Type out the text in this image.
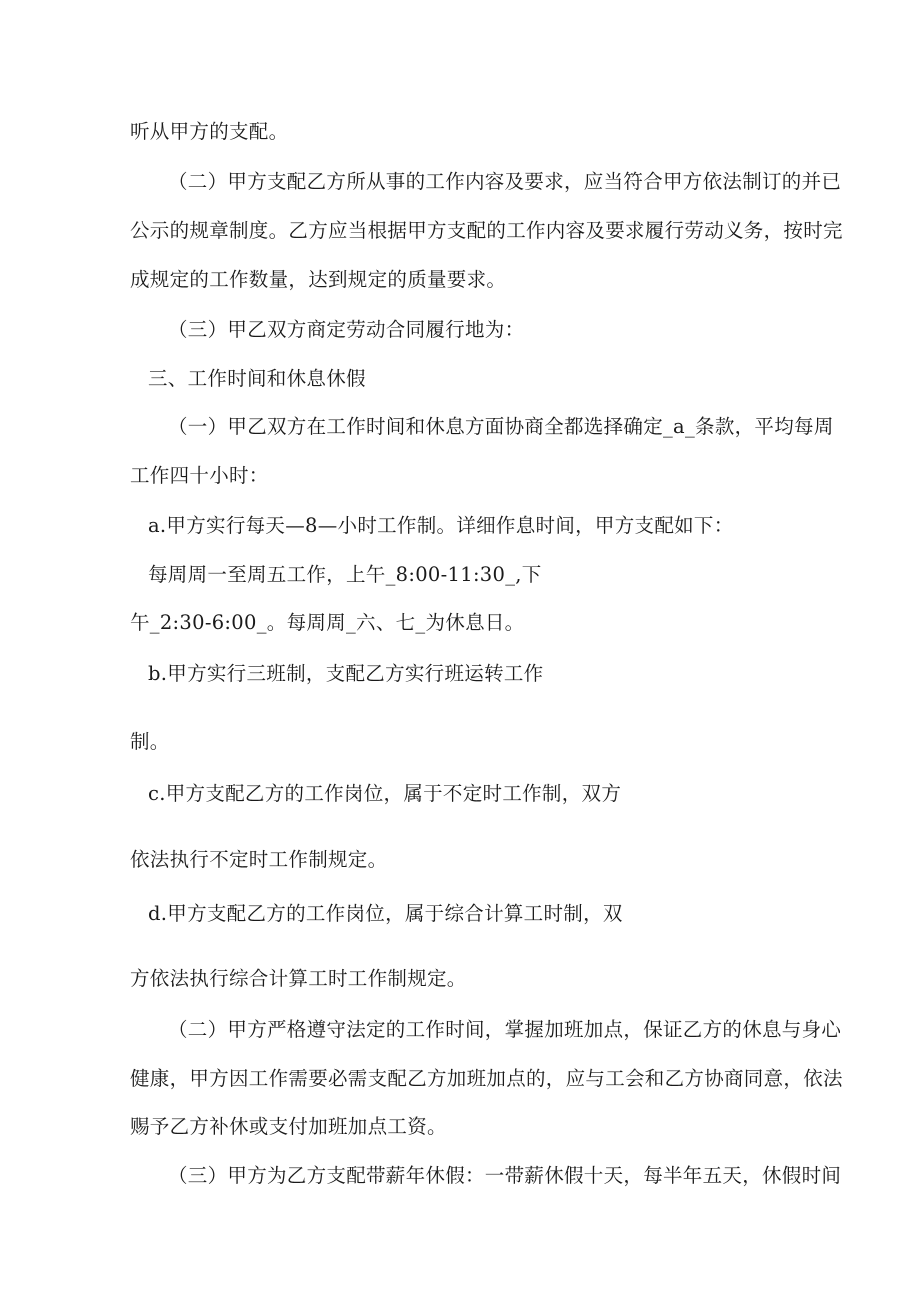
听从甲方的支配。
（二）甲方支配乙方所从事的工作内容及要求，应当符合甲方依法制订的并已
公示的规章制度。乙方应当根据甲方支配的工作内容及要求履行劳动义务，按时完
成规定的工作数量，达到规定的质量要求。
（三）甲乙双方商定劳动合同履行地为：
三、工作时间和休息休假
（一）甲乙双方在工作时间和休息方面协商全都选择确定_a_条款，平均每周
工作四十小时：
a.甲方实行每天—8—小时工作制。详细作息时间，甲方支配如下：
每周周一至周五工作，上午_8:00-11:30_,下
午_2:30-6:00_。每周周_六、七_为休息日。
b.甲方实行三班制，支配乙方实行班运转工作
制。
c.甲方支配乙方的工作岗位，属于不定时工作制，双方
依法执行不定时工作制规定。
d.甲方支配乙方的工作岗位，属于综合计算工时制，双
方依法执行综合计算工时工作制规定。
（二）甲方严格遵守法定的工作时间，掌握加班加点，保证乙方的休息与身心
健康，甲方因工作需要必需支配乙方加班加点的，应与工会和乙方协商同意，依法
赐予乙方补休或支付加班加点工资。
（三）甲方为乙方支配带薪年休假：一带薪休假十天，每半年五天，休假时间
